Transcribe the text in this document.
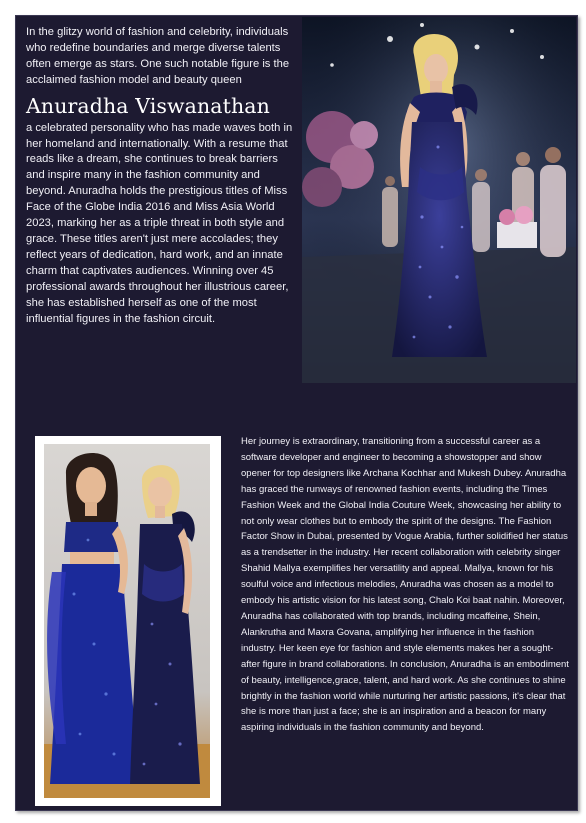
In the glitzy world of fashion and celebrity, individuals who redefine boundaries and merge diverse talents often emerge as stars. One such notable figure is the acclaimed fashion model and beauty queen

Anuradha Viswanathan

a celebrated personality who has made waves both in her homeland and internationally. With a resume that reads like a dream, she continues to break barriers and inspire many in the fashion community and beyond. Anuradha holds the prestigious titles of Miss Face of the Globe India 2016 and Miss Asia World 2023, marking her as a triple threat in both style and grace. These titles aren't just mere accolades; they reflect years of dedication, hard work, and an innate charm that captivates audiences. Winning over 45 professional awards throughout her illustrious career, she has established herself as one of the most influential figures in the fashion circuit.

Her journey is extraordinary, transitioning from a successful career as a software developer and engineer to becoming a showstopper and show opener for top designers like Archana Kochhar and Mukesh Dubey. Anuradha has graced the runways of renowned fashion events, including the Times Fashion Week and the Global India Couture Week, showcasing her ability to not only wear clothes but to embody the spirit of the designs. The Fashion Factor Show in Dubai, presented by Vogue Arabia, further solidified her status as a trendsetter in the industry. Her recent collaboration with celebrity singer Shahid Mallya exemplifies her versatility and appeal. Mallya, known for his soulful voice and infectious melodies, Anuradha was chosen as a model to embody his artistic vision for his latest song, Chalo Koi baat nahin. Moreover, Anuradha has collaborated with top brands, including mcaffeine, Shein, Alankrutha and Maxra Govana, amplifying her influence in the fashion industry. Her keen eye for fashion and style elements makes her a sought-after figure in brand collaborations. In conclusion, Anuradha is an embodiment of beauty, intelligence,grace, talent, and hard work. As she continues to shine brightly in the fashion world while nurturing her artistic passions, it's clear that she is more than just a face; she is an inspiration and a beacon for many aspiring individuals in the fashion community and beyond.
